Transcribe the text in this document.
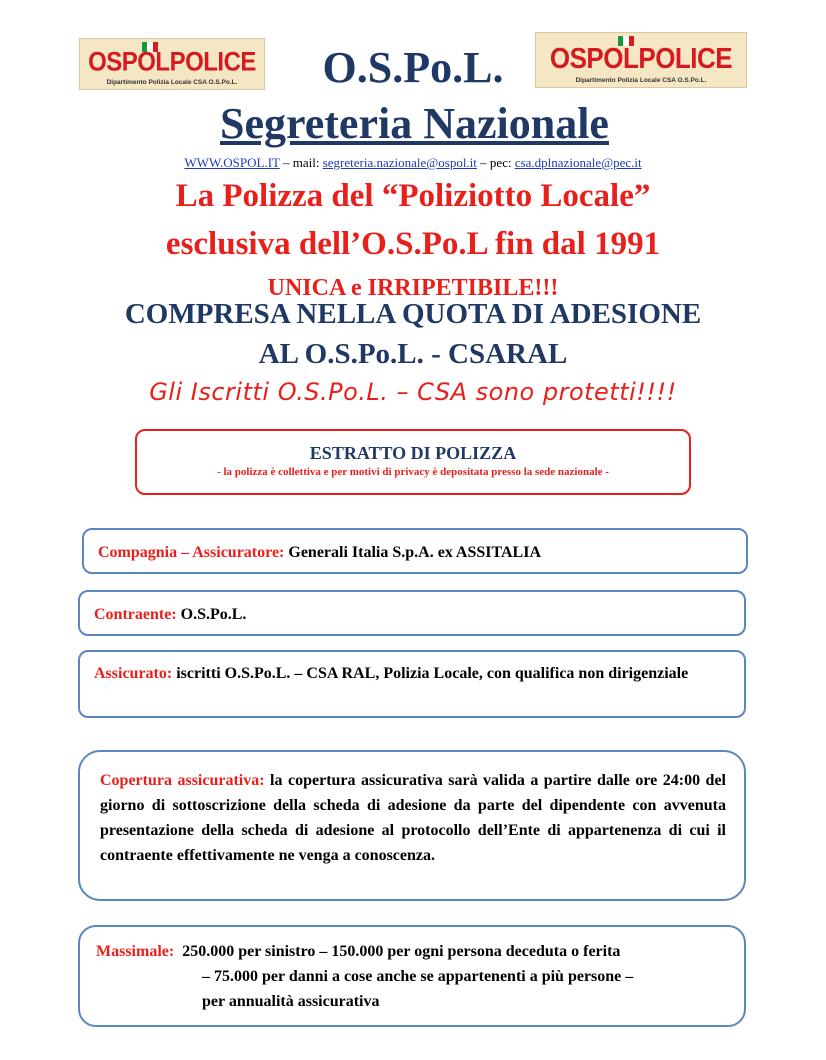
OSPOLPOLICE
Dipartimento Polizia Locale CSA O.S.Po.L.
OSPOLPOLICE
Dipartimento Polizia Locale CSA O.S.Po.L.
O.S.Po.L.
Segreteria Nazionale
WWW.OSPOL.IT – mail: segreteria.nazionale@ospol.it – pec: csa.dplnazionale@pec.it
La Polizza del “Poliziotto Locale”
esclusiva dell’O.S.Po.L fin dal 1991
UNICA e IRRIPETIBILE!!!
COMPRESA NELLA QUOTA DI ADESIONE
AL O.S.Po.L. - CSARAL
Gli Iscritti O.S.Po.L. – CSA sono protetti!!!!
ESTRATTO DI POLIZZA
- la polizza è collettiva e per motivi di privacy è depositata presso la sede nazionale -
Compagnia – Assicuratore: Generali Italia S.p.A. ex ASSITALIA
Contraente: O.S.Po.L.
Assicurato: iscritti O.S.Po.L. – CSA RAL, Polizia Locale, con qualifica non dirigenziale
Copertura assicurativa: la copertura assicurativa sarà valida a partire dalle ore 24:00 del giorno di sottoscrizione della scheda di adesione da parte del dipendente con avvenuta presentazione della scheda di adesione al protocollo dell’Ente di appartenenza di cui il contraente effettivamente ne venga a conoscenza.
Massimale: 250.000 per sinistro – 150.000 per ogni persona deceduta o ferita
– 75.000 per danni a cose anche se appartenenti a più persone –
per annualità assicurativa
